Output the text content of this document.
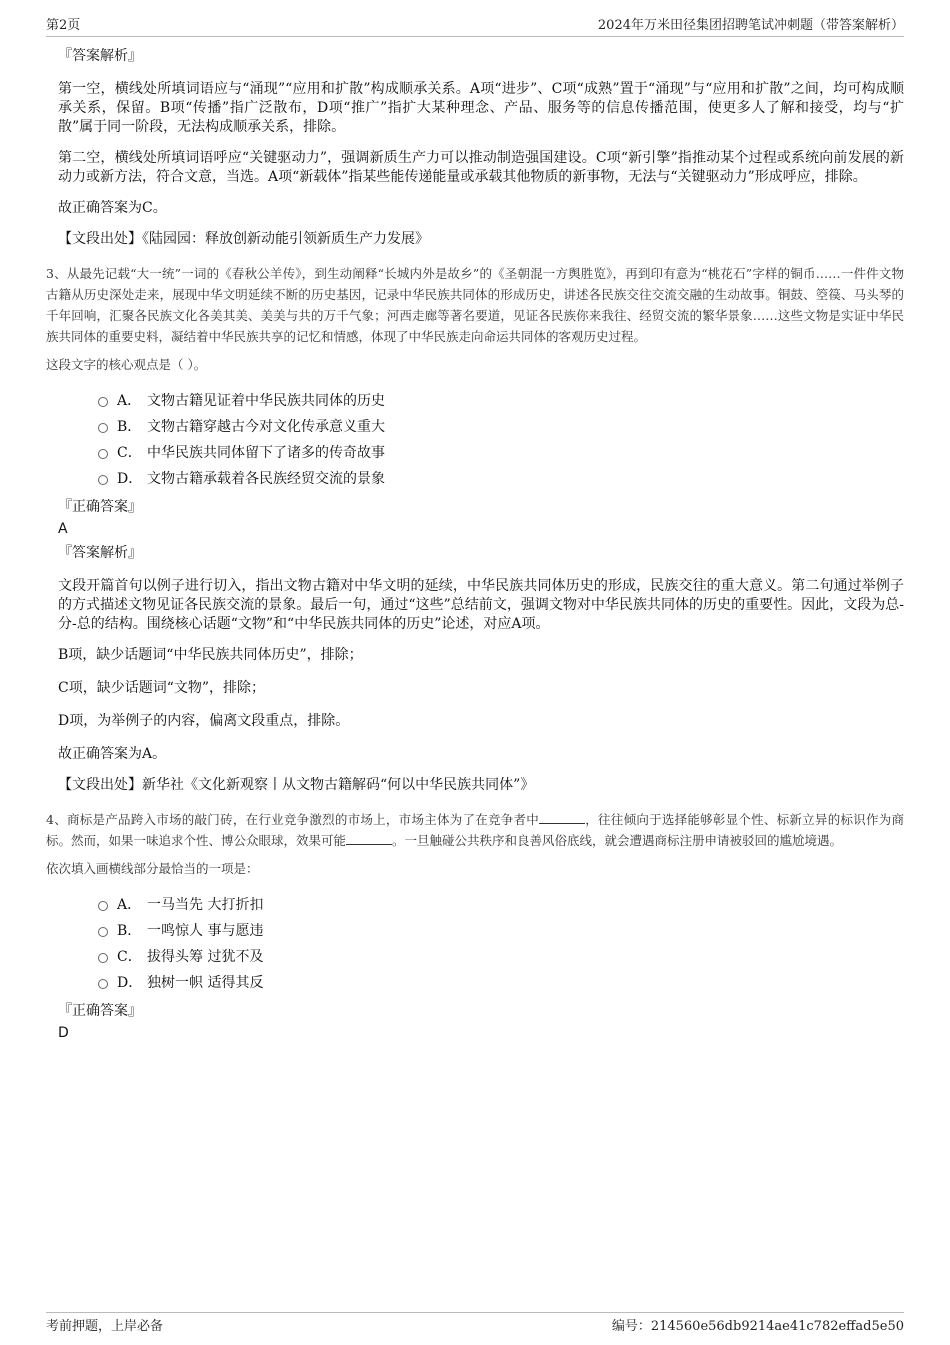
第2页	2024年万米田径集团招聘笔试冲刺题（带答案解析）
『答案解析』

第一空，横线处所填词语应与“涌现”“应用和扩散”构成顺承关系。A项“进步”、C项“成熟”置于“涌现”与“应用和扩散”之间，均可构成顺承关系，保留。B项“传播”指广泛散布，D项“推广”指扩大某种理念、产品、服务等的信息传播范围，使更多人了解和接受，均与“扩散”属于同一阶段，无法构成顺承关系，排除。

第二空，横线处所填词语呼应“关键驱动力”，强调新质生产力可以推动制造强国建设。C项“新引擎”指推动某个过程或系统向前发展的新动力或新方法，符合文意，当选。A项“新载体”指某些能传递能量或承载其他物质的新事物，无法与“关键驱动力”形成呼应，排除。

故正确答案为C。

【文段出处】《陆园园：释放创新动能引领新质生产力发展》

3、从最先记载“大一统”一词的《春秋公羊传》，到生动阐释“长城内外是故乡”的《圣朝混一方舆胜览》，再到印有意为“桃花石”字样的铜币……一件件文物古籍从历史深处走来，展现中华文明延续不断的历史基因，记录中华民族共同体的形成历史，讲述各民族交往交流交融的生动故事。铜鼓、箜篌、马头琴的千年回响，汇聚各民族文化各美其美、美美与共的万千气象；河西走廊等著名要道，见证各民族你来我往、经贸交流的繁华景象……这些文物是实证中华民族共同体的重要史料，凝结着中华民族共享的记忆和情感，体现了中华民族走向命运共同体的客观历史过程。

这段文字的核心观点是（ ）。

A． 文物古籍见证着中华民族共同体的历史
B． 文物古籍穿越古今对文化传承意义重大
C． 中华民族共同体留下了诸多的传奇故事
D． 文物古籍承载着各民族经贸交流的景象
『正确答案』
A
『答案解析』

文段开篇首句以例子进行切入，指出文物古籍对中华文明的延续，中华民族共同体历史的形成，民族交往的重大意义。第二句通过举例子的方式描述文物见证各民族交流的景象。最后一句，通过“这些”总结前文，强调文物对中华民族共同体的历史的重要性。因此，文段为总-分-总的结构。围绕核心话题“文物”和“中华民族共同体的历史”论述，对应A项。

B项，缺少话题词“中华民族共同体历史”，排除；

C项，缺少话题词“文物”，排除；

D项，为举例子的内容，偏离文段重点，排除。

故正确答案为A。

【文段出处】新华社《文化新观察丨从文物古籍解码“何以中华民族共同体”》

4、商标是产品跨入市场的敲门砖，在行业竞争激烈的市场上，市场主体为了在竞争者中	，往往倾向于选择能够彰显个性、标新立异的标识作为商标。然而，如果一味追求个性、博公众眼球，效果可能	。一旦触碰公共秩序和良善风俗底线，就会遭遇商标注册申请被驳回的尴尬境遇。

依次填入画横线部分最恰当的一项是：

A． 一马当先 大打折扣
B． 一鸣惊人 事与愿违
C． 拔得头筹 过犹不及
D． 独树一帜 适得其反
『正确答案』
D
考前押题，上岸必备	编号：214560e56db9214ae41c782effad5e50
